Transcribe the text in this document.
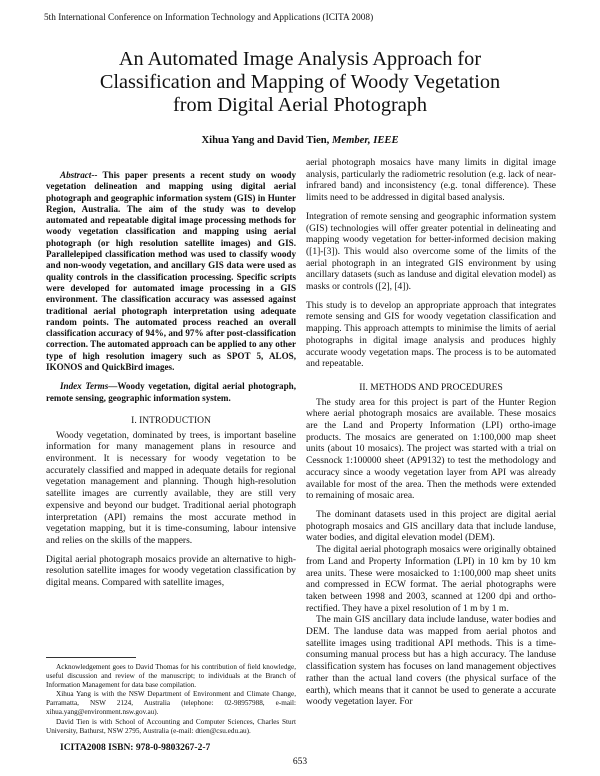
5th International Conference on Information Technology and Applications (ICITA 2008)
An Automated Image Analysis Approach for
Classification and Mapping of Woody Vegetation
from Digital Aerial Photograph
Xihua Yang and David Tien, Member, IEEE

Abstract-- This paper presents a recent study on woody vegetation delineation and mapping using digital aerial photograph and geographic information system (GIS) in Hunter Region, Australia. The aim of the study was to develop automated and repeatable digital image processing methods for woody vegetation classification and mapping using aerial photograph (or high resolution satellite images) and GIS. Parallelepiped classification method was used to classify woody and non-woody vegetation, and ancillary GIS data were used as quality controls in the classification processing. Specific scripts were developed for automated image processing in a GIS environment. The classification accuracy was assessed against traditional aerial photograph interpretation using adequate random points. The automated process reached an overall classification accuracy of 94%, and 97% after post-classification correction. The automated approach can be applied to any other type of high resolution imagery such as SPOT 5, ALOS, IKONOS and QuickBird images.

Index Terms—Woody vegetation, digital aerial photograph, remote sensing, geographic information system.

I. INTRODUCTION

Woody vegetation, dominated by trees, is important baseline information for many management plans in resource and environment. It is necessary for woody vegetation to be accurately classified and mapped in adequate details for regional vegetation management and planning. Though high-resolution satellite images are currently available, they are still very expensive and beyond our budget. Traditional aerial photograph interpretation (API) remains the most accurate method in vegetation mapping, but it is time-consuming, labour intensive and relies on the skills of the mappers.

Digital aerial photograph mosaics provide an alternative to high-resolution satellite images for woody vegetation classification by digital means. Compared with satellite images,

aerial photograph mosaics have many limits in digital image analysis, particularly the radiometric resolution (e.g. lack of near-infrared band) and inconsistency (e.g. tonal difference). These limits need to be addressed in digital based analysis.

Integration of remote sensing and geographic information system (GIS) technologies will offer greater potential in delineating and mapping woody vegetation for better-informed decision making ([1]-[3]). This would also overcome some of the limits of the aerial photograph in an integrated GIS environment by using ancillary datasets (such as landuse and digital elevation model) as masks or controls ([2], [4]).

This study is to develop an appropriate approach that integrates remote sensing and GIS for woody vegetation classification and mapping. This approach attempts to minimise the limits of aerial photographs in digital image analysis and produces highly accurate woody vegetation maps. The process is to be automated and repeatable.

II. METHODS AND PROCEDURES

The study area for this project is part of the Hunter Region where aerial photograph mosaics are available. These mosaics are the Land and Property Information (LPI) ortho-image products. The mosaics are generated on 1:100,000 map sheet units (about 10 mosaics). The project was started with a trial on Cessnock 1:100000 sheet (AP9132) to test the methodology and accuracy since a woody vegetation layer from API was already available for most of the area. Then the methods were extended to remaining of mosaic area.

The dominant datasets used in this project are digital aerial photograph mosaics and GIS ancillary data that include landuse, water bodies, and digital elevation model (DEM).

The digital aerial photograph mosaics were originally obtained from Land and Property Information (LPI) in 10 km by 10 km area units. These were mosaicked to 1:100,000 map sheet units and compressed in ECW format. The aerial photographs were taken between 1998 and 2003, scanned at 1200 dpi and ortho-rectified. They have a pixel resolution of 1 m by 1 m.

The main GIS ancillary data include landuse, water bodies and DEM. The landuse data was mapped from aerial photos and satellite images using traditional API methods. This is a time-consuming manual process but has a high accuracy. The landuse classification system has focuses on land management objectives rather than the actual land covers (the physical surface of the earth), which means that it cannot be used to generate a accurate woody vegetation layer. For

Acknowledgement goes to David Thomas for his contribution of field knowledge, useful discussion and review of the manuscript; to individuals at the Branch of Information Management for data base compilation.

Xihua Yang is with the NSW Department of Environment and Climate Change, Parramatta, NSW 2124, Australia (telephone: 02-98957988, e-mail: xihua.yang@environment.nsw.gov.au).

David Tien is with School of Accounting and Computer Sciences, Charles Sturt University, Bathurst, NSW 2795, Australia (e-mail: dtien@csu.edu.au).

ICITA2008 ISBN: 978-0-9803267-2-7
653
